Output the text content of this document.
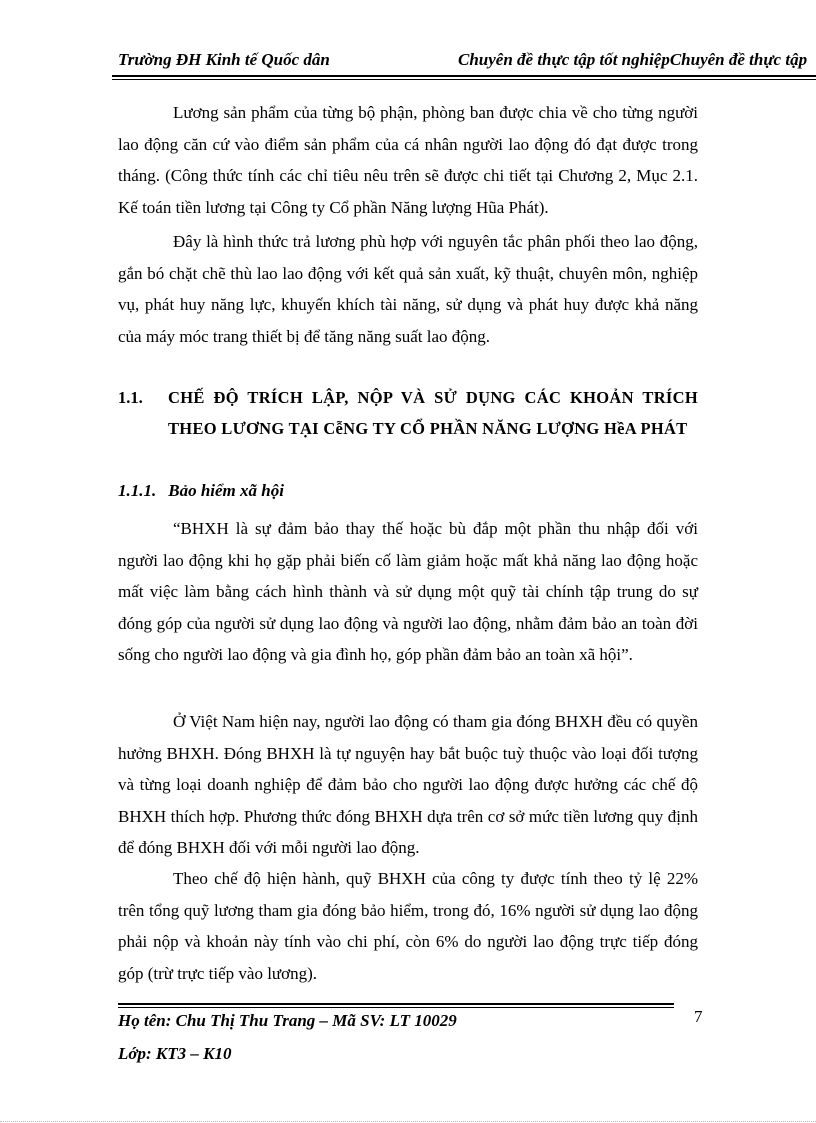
Trường ĐH Kinh tế Quốc dân	Chuyên đề thực tập tốt nghiệpChuyên đề thực tập
Lương sản phẩm của từng bộ phận, phòng ban được chia về cho từng người lao động căn cứ vào điểm sản phẩm của cá nhân người lao động đó đạt được trong tháng. (Công thức tính các chỉ tiêu nêu trên sẽ được chi tiết tại Chương 2, Mục 2.1. Kế toán tiền lương tại Công ty Cổ phần Năng lượng Hũa Phát).
Đây là hình thức trả lương phù hợp với nguyên tắc phân phối theo lao động, gắn bó chặt chẽ thù lao lao động với kết quả sản xuất, kỹ thuật, chuyên môn, nghiệp vụ, phát huy năng lực, khuyến khích tài năng, sử dụng và phát huy được khả năng của máy móc trang thiết bị để tăng năng suất lao động.
1.1. CHẾ ĐỘ TRÍCH LẬP, NỘP VÀ SỬ DỤNG CÁC KHOẢN TRÍCH THEO LƯƠNG TẠI CễNG TY CỔ PHẦN NĂNG LƯỢNG HềA PHÁT
1.1.1. Bảo hiểm xã hội
“BHXH là sự đảm bảo thay thế hoặc bù đắp một phần thu nhập đối với người lao động khi họ gặp phải biến cố làm giảm hoặc mất khả năng lao động hoặc mất việc làm bằng cách hình thành và sử dụng một quỹ tài chính tập trung do sự đóng góp của người sử dụng lao động và người lao động, nhằm đảm bảo an toàn đời sống cho người lao động và gia đình họ, góp phần đảm bảo an toàn xã hội”.
Ở Việt Nam hiện nay, người lao động có tham gia đóng BHXH đều có quyền hưởng BHXH. Đóng BHXH là tự nguyện hay bắt buộc tuỳ thuộc vào loại đối tượng và từng loại doanh nghiệp để đảm bảo cho người lao động được hưởng các chế độ BHXH thích hợp. Phương thức đóng BHXH dựa trên cơ sở mức tiền lương quy định để đóng BHXH đối với mỗi người lao động.
Theo chế độ hiện hành, quỹ BHXH của công ty được tính theo tỷ lệ 22% trên tổng quỹ lương tham gia đóng bảo hiểm, trong đó, 16% người sử dụng lao động phải nộp và khoản này tính vào chi phí, còn 6% do người lao động trực tiếp đóng góp (trừ trực tiếp vào lương).
Họ tên: Chu Thị Thu Trang – Mã SV: LT 10029	7
Lớp: KT3 – K10
